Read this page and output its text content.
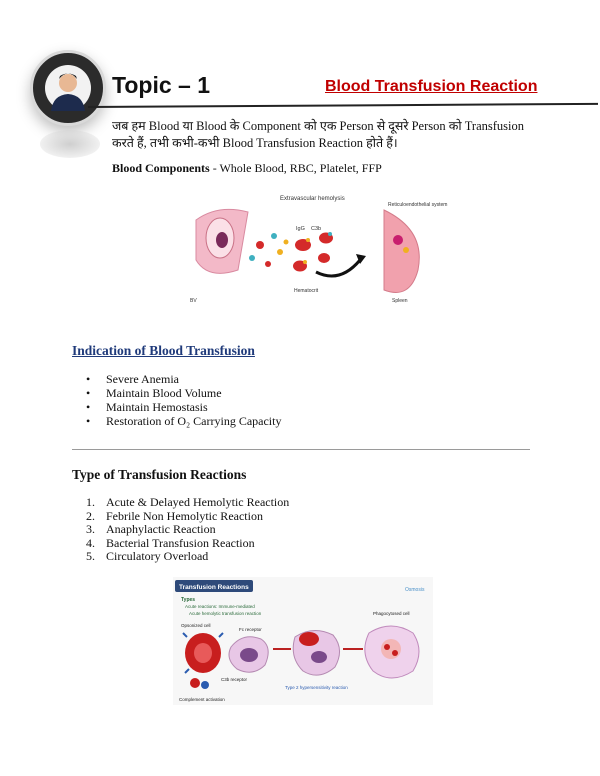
Topic – 1	Blood Transfusion Reaction
जब हम Blood या Blood के Component को एक Person से दूसरे Person को Transfusion करते हैं, तभी कभी-कभी Blood Transfusion Reaction होते हैं।
Blood Components - Whole Blood, RBC, Platelet, FFP
Extravascular hemolysis
IgG C3b
Reticuloendothelial system
Spleen
Hematocrit
BV
Indication of Blood Transfusion
• Severe Anemia
• Maintain Blood Volume
• Maintain Hemostasis
• Restoration of O₂ Carrying Capacity
Type of Transfusion Reactions
1. Acute & Delayed Hemolytic Reaction
2. Febrile Non Hemolytic Reaction
3. Anaphylactic Reaction
4. Bacterial Transfusion Reaction
5. Circulatory Overload
Transfusion Reactions	Osmosis
Types
Acute reactions: Immune-mediated
Acute hemolytic transfusion reaction
Opsonized cell
Fc receptor
Phagocytosed cell
C3b receptor
Type 2 hypersensitivity reaction
Complement activation
